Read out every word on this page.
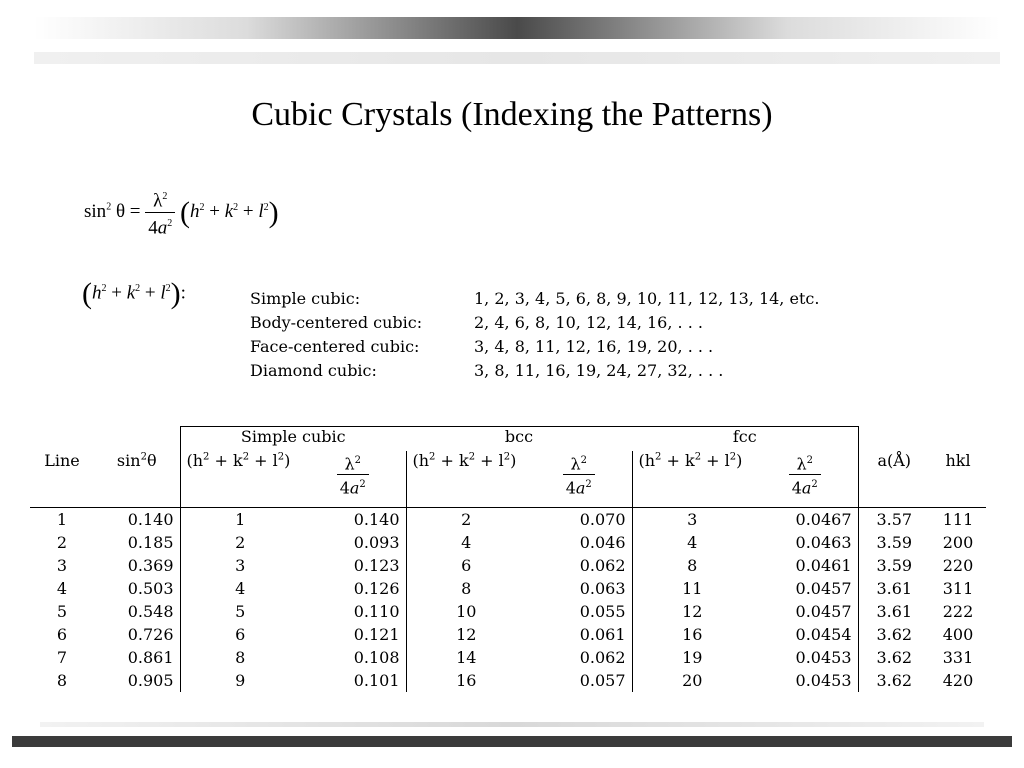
Cubic Crystals (Indexing the Patterns)
$\sin^2 \theta = \frac{\lambda^2}{4a^2} (h^2 + k^2 + l^2)$
$(h^2 + k^2 + l^2)$:	Simple cubic:	1, 2, 3, 4, 5, 6, 8, 9, 10, 11, 12, 13, 14, etc.
Body-centered cubic:	2, 4, 6, 8, 10, 12, 14, 16, . . .
Face-centered cubic:	3, 4, 8, 11, 12, 16, 19, 20, . . .
Diamond cubic:	3, 8, 11, 16, 19, 24, 27, 32, . . .
		Simple cubic		bcc		fcc			
Line	$\sin^2\theta$	$(h^2 + k^2 + l^2)$	$\frac{\lambda^2}{4a^2}$	$(h^2 + k^2 + l^2)$	$\frac{\lambda^2}{4a^2}$	$(h^2 + k^2 + l^2)$	$\frac{\lambda^2}{4a^2}$	a(Å)	hkl
1	0.140	1	0.140	2	0.070	3	0.0467	3.57	111
2	0.185	2	0.093	4	0.046	4	0.0463	3.59	200
3	0.369	3	0.123	6	0.062	8	0.0461	3.59	220
4	0.503	4	0.126	8	0.063	11	0.0457	3.61	311
5	0.548	5	0.110	10	0.055	12	0.0457	3.61	222
6	0.726	6	0.121	12	0.061	16	0.0454	3.62	400
7	0.861	8	0.108	14	0.062	19	0.0453	3.62	331
8	0.905	9	0.101	16	0.057	20	0.0453	3.62	420
